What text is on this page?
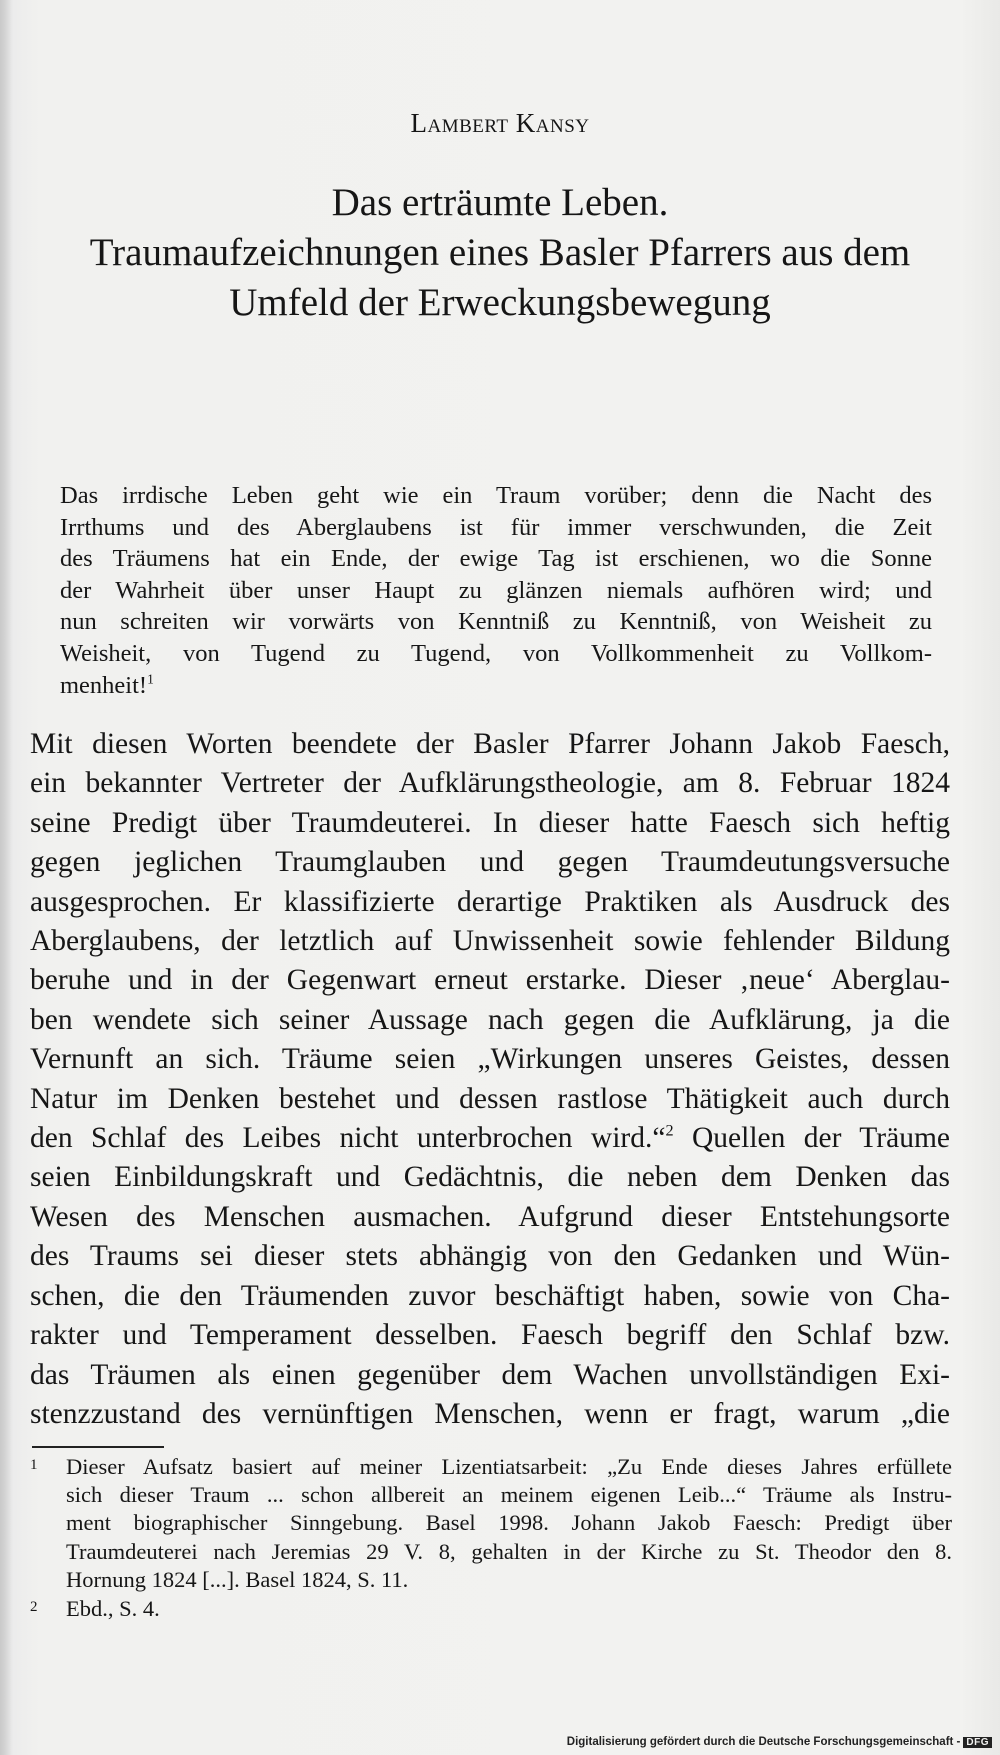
Lambert Kansy
Das erträumte Leben.
Traumaufzeichnungen eines Basler Pfarrers aus dem
Umfeld der Erweckungsbewegung
Das irrdische Leben geht wie ein Traum vorüber; denn die Nacht des
Irrthums und des Aberglaubens ist für immer verschwunden, die Zeit
des Träumens hat ein Ende, der ewige Tag ist erschienen, wo die Sonne
der Wahrheit über unser Haupt zu glänzen niemals aufhören wird; und
nun schreiten wir vorwärts von Kenntniß zu Kenntniß, von Weisheit zu
Weisheit, von Tugend zu Tugend, von Vollkommenheit zu Vollkom-
menheit!$^1$
Mit diesen Worten beendete der Basler Pfarrer Johann Jakob Faesch,
ein bekannter Vertreter der Aufklärungstheologie, am 8. Februar 1824
seine Predigt über Traumdeuterei. In dieser hatte Faesch sich heftig
gegen jeglichen Traumglauben und gegen Traumdeutungsversuche
ausgesprochen. Er klassifizierte derartige Praktiken als Ausdruck des
Aberglaubens, der letztlich auf Unwissenheit sowie fehlender Bildung
beruhe und in der Gegenwart erneut erstarke. Dieser ‚neue‘ Aberglau-
ben wendete sich seiner Aussage nach gegen die Aufklärung, ja die
Vernunft an sich. Träume seien „Wirkungen unseres Geistes, dessen
Natur im Denken bestehet und dessen rastlose Thätigkeit auch durch
den Schlaf des Leibes nicht unterbrochen wird.“$^2$ Quellen der Träume
seien Einbildungskraft und Gedächtnis, die neben dem Denken das
Wesen des Menschen ausmachen. Aufgrund dieser Entstehungsorte
des Traums sei dieser stets abhängig von den Gedanken und Wün-
schen, die den Träumenden zuvor beschäftigt haben, sowie von Cha-
rakter und Temperament desselben. Faesch begriff den Schlaf bzw.
das Träumen als einen gegenüber dem Wachen unvollständigen Exi-
stenzzustand des vernünftigen Menschen, wenn er fragt, warum „die
1 Dieser Aufsatz basiert auf meiner Lizentiatsarbeit: „Zu Ende dieses Jahres erfüllete
sich dieser Traum ... schon allbereit an meinem eigenen Leib...“ Träume als Instru-
ment biographischer Sinngebung. Basel 1998. Johann Jakob Faesch: Predigt über
Traumdeuterei nach Jeremias 29 V. 8, gehalten in der Kirche zu St. Theodor den 8.
Hornung 1824 [...]. Basel 1824, S. 11.
2 Ebd., S. 4.
Digitalisierung gefördert durch die Deutsche Forschungsgemeinschaft - DFG
